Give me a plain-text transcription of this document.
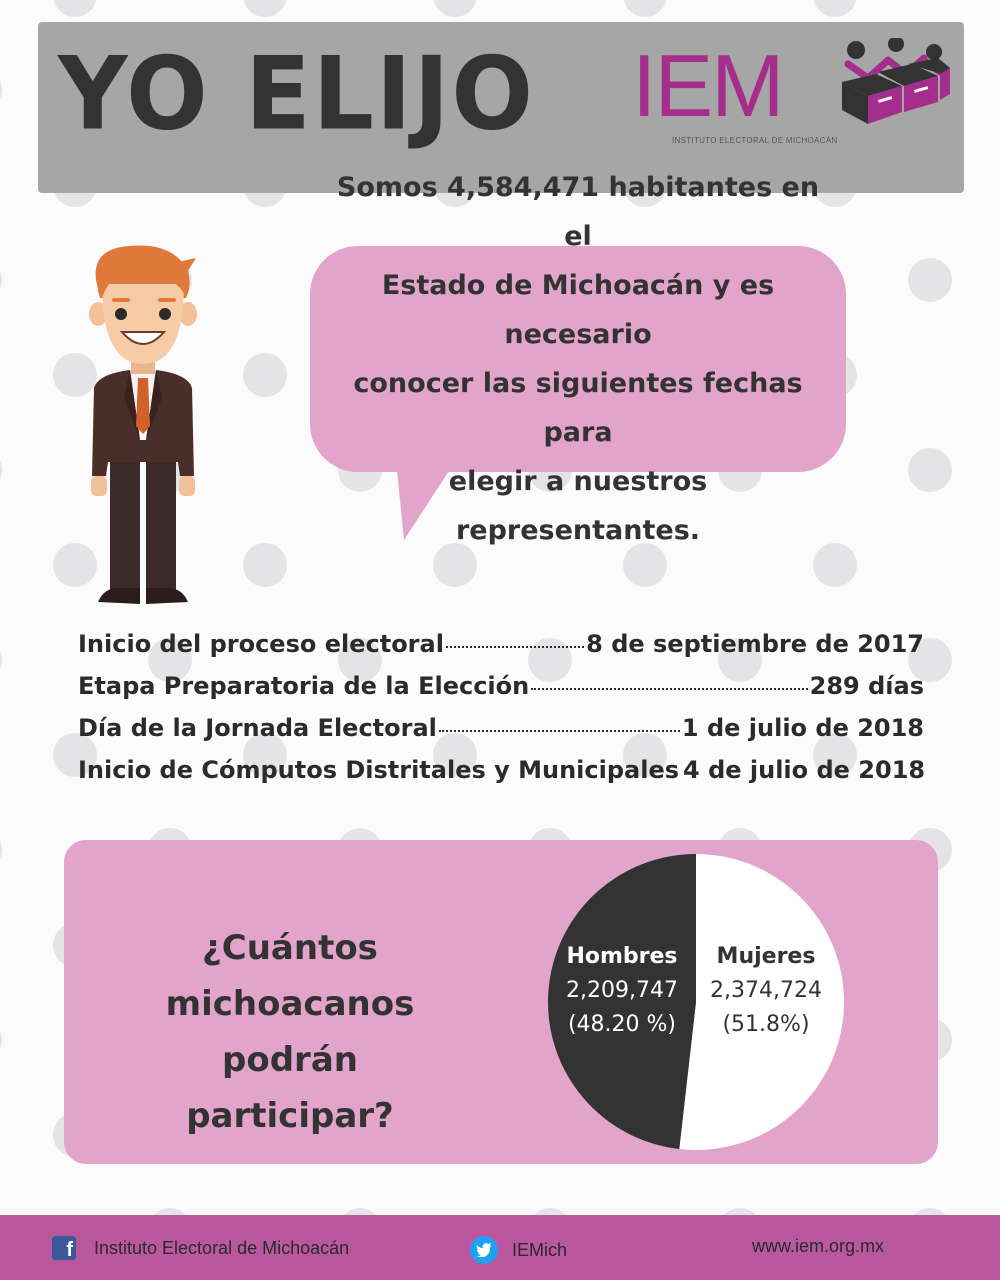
YO ELIJO IEM
INSTITUTO ELECTORAL DE MICHOACÁN
Somos 4,584,471 habitantes en el
Estado de Michoacán y es necesario
conocer las siguientes fechas para
elegir a nuestros representantes.
Inicio del proceso electoral	8 de septiembre de 2017
Etapa Preparatoria de la Elección	289 días
Día de la Jornada Electoral	1 de julio de 2018
Inicio de Cómputos Distritales y Municipales 4 de julio de 2018
¿Cuántos
michoacanos podrán
participar?
Hombres
2,209,747
(48.20 %)
Mujeres
2,374,724
(51.8%)
f Instituto Electoral de Michoacán	IEMich	www.iem.org.mx
